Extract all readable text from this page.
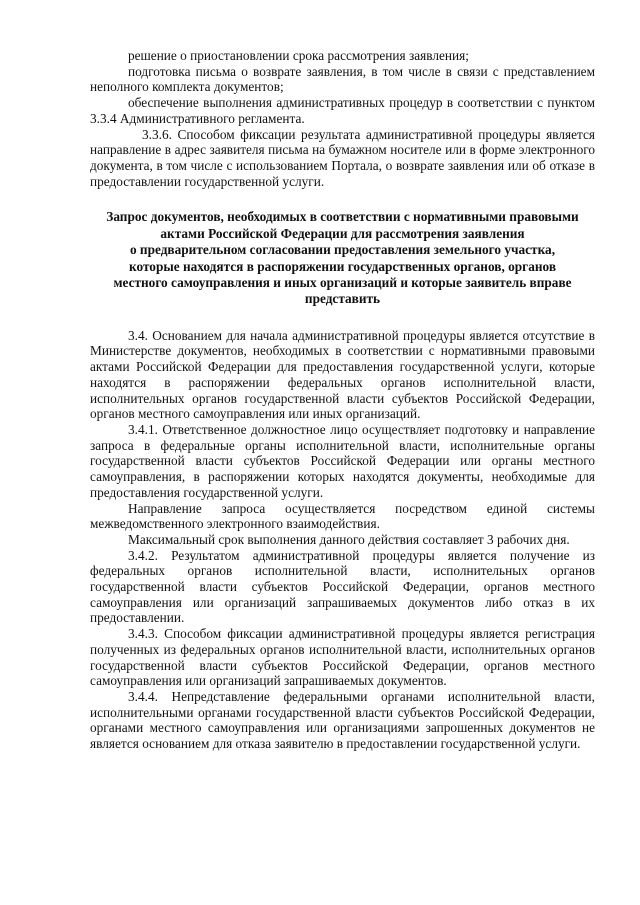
решение о приостановлении срока рассмотрения заявления;

подготовка письма о возврате заявления, в том числе в связи с представлением неполного комплекта документов;

обеспечение выполнения административных процедур в соответствии с пунктом 3.3.4 Административного регламента.

3.3.6. Способом фиксации результата административной процедуры является направление в адрес заявителя письма на бумажном носителе или в форме электронного документа, в том числе с использованием Портала, о возврате заявления или об отказе в предоставлении государственной услуги.

Запрос документов, необходимых в соответствии с нормативными правовыми
актами Российской Федерации для рассмотрения заявления
о предварительном согласовании предоставления земельного участка,
которые находятся в распоряжении государственных органов, органов
местного самоуправления и иных организаций и которые заявитель вправе
представить

3.4. Основанием для начала административной процедуры является отсутствие в Министерстве документов, необходимых в соответствии с нормативными правовыми актами Российской Федерации для предоставления государственной услуги, которые находятся в распоряжении федеральных органов исполнительной власти, исполнительных органов государственной власти субъектов Российской Федерации, органов местного самоуправления или иных организаций.

3.4.1. Ответственное должностное лицо осуществляет подготовку и направление запроса в федеральные органы исполнительной власти, исполнительные органы государственной власти субъектов Российской Федерации или органы местного самоуправления, в распоряжении которых находятся документы, необходимые для предоставления государственной услуги.

Направление запроса осуществляется посредством единой системы межведомственного электронного взаимодействия.

Максимальный срок выполнения данного действия составляет 3 рабочих дня.

3.4.2. Результатом административной процедуры является получение из федеральных органов исполнительной власти, исполнительных органов государственной власти субъектов Российской Федерации, органов местного самоуправления или организаций запрашиваемых документов либо отказ в их предоставлении.

3.4.3. Способом фиксации административной процедуры является регистрация полученных из федеральных органов исполнительной власти, исполнительных органов государственной власти субъектов Российской Федерации, органов местного самоуправления или организаций запрашиваемых документов.

3.4.4. Непредставление федеральными органами исполнительной власти, исполнительными органами государственной власти субъектов Российской Федерации, органами местного самоуправления или организациями запрошенных документов не является основанием для отказа заявителю в предоставлении государственной услуги.
